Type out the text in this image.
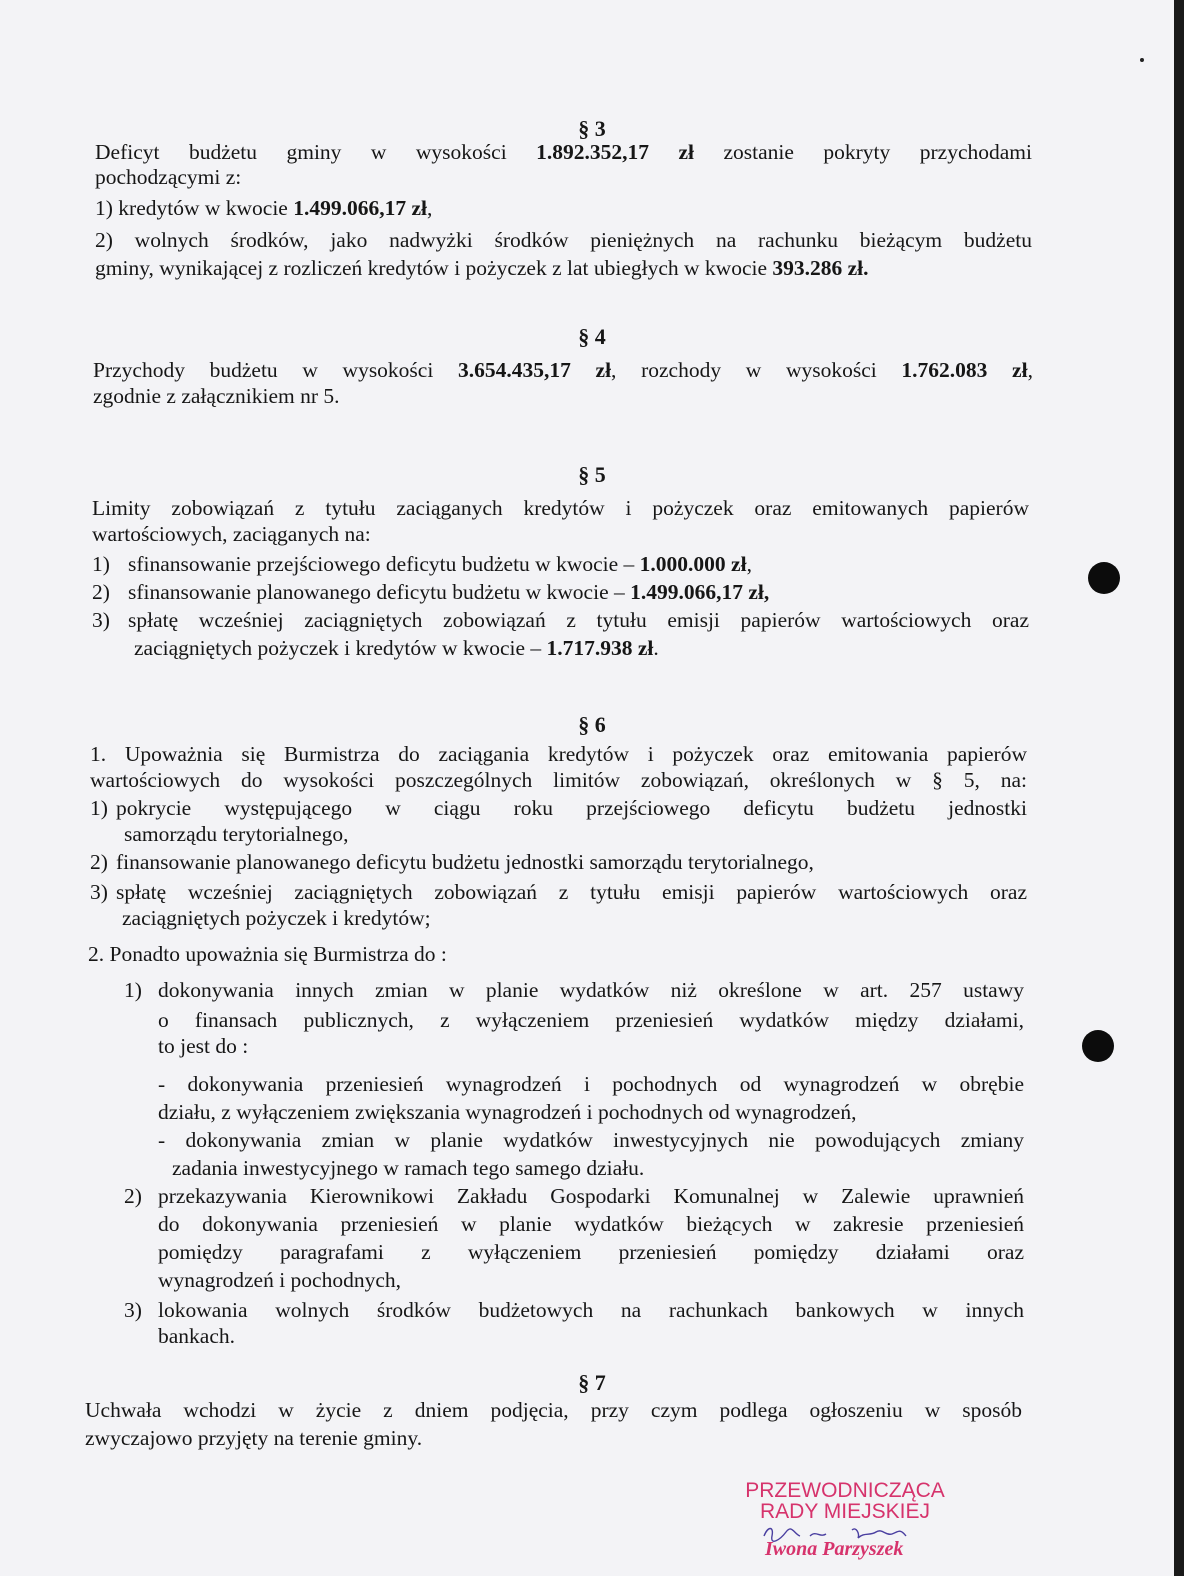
§ 3
Deficyt budżetu gminy w wysokości 1.892.352,17 zł zostanie pokryty przychodami
pochodzącymi z:
1) kredytów w kwocie 1.499.066,17 zł,
2) wolnych środków, jako nadwyżki środków pieniężnych na rachunku bieżącym budżetu
gminy, wynikającej z rozliczeń kredytów i pożyczek z lat ubiegłych w kwocie 393.286 zł.
§ 4
Przychody budżetu w wysokości 3.654.435,17 zł, rozchody w wysokości 1.762.083 zł,
zgodnie z załącznikiem nr 5.
§ 5
Limity zobowiązań z tytułu zaciąganych kredytów i pożyczek oraz emitowanych papierów
wartościowych, zaciąganych na:
1) sfinansowanie przejściowego deficytu budżetu w kwocie – 1.000.000 zł,
2) sfinansowanie planowanego deficytu budżetu w kwocie – 1.499.066,17 zł,
3) spłatę wcześniej zaciągniętych zobowiązań z tytułu emisji papierów wartościowych oraz
zaciągniętych pożyczek i kredytów w kwocie – 1.717.938 zł.
§ 6
1. Upoważnia się Burmistrza do zaciągania kredytów i pożyczek oraz emitowania papierów
wartościowych do wysokości poszczególnych limitów zobowiązań, określonych w § 5, na:
1) pokrycie występującego w ciągu roku przejściowego deficytu budżetu jednostki
samorządu terytorialnego,
2) finansowanie planowanego deficytu budżetu jednostki samorządu terytorialnego,
3) spłatę wcześniej zaciągniętych zobowiązań z tytułu emisji papierów wartościowych oraz
zaciągniętych pożyczek i kredytów;
2. Ponadto upoważnia się Burmistrza do :
1) dokonywania innych zmian w planie wydatków niż określone w art. 257 ustawy
o finansach publicznych, z wyłączeniem przeniesień wydatków między działami,
to jest do :
- dokonywania przeniesień wynagrodzeń i pochodnych od wynagrodzeń w obrębie
działu, z wyłączeniem zwiększania wynagrodzeń i pochodnych od wynagrodzeń,
- dokonywania zmian w planie wydatków inwestycyjnych nie powodujących zmiany
zadania inwestycyjnego w ramach tego samego działu.
2) przekazywania Kierownikowi Zakładu Gospodarki Komunalnej w Zalewie uprawnień
do dokonywania przeniesień w planie wydatków bieżących w zakresie przeniesień
pomiędzy paragrafami z wyłączeniem przeniesień pomiędzy działami oraz
wynagrodzeń i pochodnych,
3) lokowania wolnych środków budżetowych na rachunkach bankowych w innych
bankach.
§ 7
Uchwała wchodzi w życie z dniem podjęcia, przy czym podlega ogłoszeniu w sposób
zwyczajowo przyjęty na terenie gminy.
PRZEWODNICZĄCA
RADY MIEJSKIEJ
Iwona Parzyszek
